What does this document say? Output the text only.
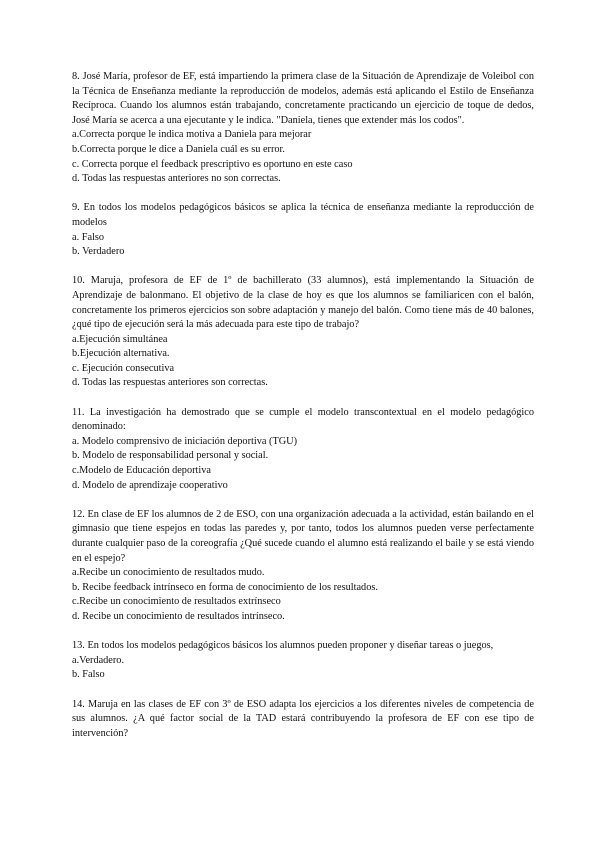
8. José María, profesor de EF, está impartiendo la primera clase de la Situación de Aprendizaje de Voleibol con la Técnica de Enseñanza mediante la reproducción de modelos, además está aplicando el Estilo de Enseñanza Recíproca. Cuando los alumnos están trabajando, concretamente practicando un ejercicio de toque de dedos, José María se acerca a una ejecutante y le indica. "Daniela, tienes que extender más los codos".

a.Correcta porque le indica motiva a Daniela para mejorar
b.Correcta porque le dice a Daniela cuál es su error.
c. Correcta porque el feedback prescriptivo es oportuno en este caso
d. Todas las respuestas anteriores no son correctas.

9. En todos los modelos pedagógicos básicos se aplica la técnica de enseñanza mediante la reproducción de modelos

a. Falso
b. Verdadero

10. Maruja, profesora de EF de 1º de bachillerato (33 alumnos), está implementando la Situación de Aprendizaje de balonmano. El objetivo de la clase de hoy es que los alumnos se familiaricen con el balón, concretamente los primeros ejercicios son sobre adaptación y manejo del balón. Como tiene más de 40 balones, ¿qué tipo de ejecución será la más adecuada para este tipo de trabajo?

a.Ejecución simultánea
b.Ejecución alternativa.
c. Ejecución consecutiva
d. Todas las respuestas anteriores son correctas.

11. La investigación ha demostrado que se cumple el modelo transcontextual en el modelo pedagógico denominado:

a. Modelo comprensivo de iniciación deportiva (TGU)
b. Modelo de responsabilidad personal y social.
c.Modelo de Educación deportiva
d. Modelo de aprendizaje cooperativo

12. En clase de EF los alumnos de 2 de ESO, con una organización adecuada a la actividad, están bailando en el gimnasio que tiene espejos en todas las paredes y, por tanto, todos los alumnos pueden verse perfectamente durante cualquier paso de la coreografía ¿Qué sucede cuando el alumno está realizando el baile y se está viendo en el espejo?

a.Recibe un conocimiento de resultados mudo.
b. Recibe feedback intrínseco en forma de conocimiento de los resultados.
c.Recibe un conocimiento de resultados extrínseco
d. Recibe un conocimiento de resultados intrínseco.

13. En todos los modelos pedagógicos básicos los alumnos pueden proponer y diseñar tareas o juegos,

a.Verdadero.
b. Falso

14. Maruja en las clases de EF con 3º de ESO adapta los ejercicios a los diferentes niveles de competencia de sus alumnos. ¿A qué factor social de la TAD estará contribuyendo la profesora de EF con ese tipo de intervención?
